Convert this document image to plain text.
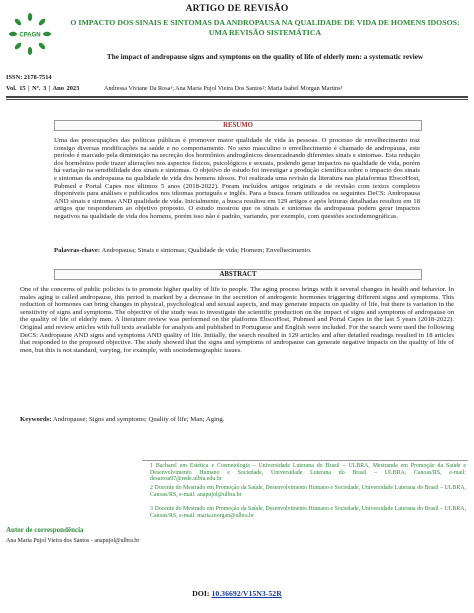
CPAGN
ARTIGO DE REVISÃO
O IMPACTO DOS SINAIS E SINTOMAS DA ANDROPAUSA NA QUALIDADE DE VIDA DE HOMENS IDOSOS: UMA REVISÃO SISTEMÁTICA
The impact of andropause signs and symptoms on the quality of life of elderly men: a systematic review
ISSN: 2178-7514
Vol. 15 | Nº. 3 | Ano 2023	Andressa Viviane Da Rosa¹; Ana Maria Pujol Vieira Dos Santos²; Maria Isabel Morgan Martins³
RESUMO
Uma das preocupações das políticas públicas é promover maior qualidade de vida às pessoas. O processo de envelhecimento traz consigo diversas modificações na saúde e no comportamento. No sexo masculino o envelhecimento é chamado de andropausa, este período é marcado pela diminuição na secreção dos hormônios androgênicos desencadeando diferentes sinais e sintomas. Esta redução dos hormônios pode trazer alterações nos aspectos físicos, psicológicos e sexuais, podendo gerar impactos na qualidade de vida, porém há variação na sensibilidade dos sinais e sintomas. O objetivo do estudo foi investigar a produção científica sobre o impacto dos sinais e sintomas da andropausa na qualidade de vida dos homens idosos. Foi realizada uma revisão da literatura nas plataformas EbscoHost, Pubmed e Portal Capes nos últimos 5 anos (2018-2022). Foram incluídos artigos originais e de revisão com textos completos disponíveis para análises e publicados nos idiomas português e inglês. Para a busca foram utilizados os seguintes DeCS: Andropausa AND sinais e sintomas AND qualidade de vida. Inicialmente, a busca resultou em 129 artigos e após leituras detalhadas resultou em 18 artigos que responderam ao objetivo proposto. O estudo mostrou que os sinais e sintomas da andropausa podem gerar impactos negativos na qualidade de vida dos homens, porém isso não é padrão, variando, por exemplo, com questões sociodemográficas.
Palavras-chave: Andropausa; Sinais e sintomas; Qualidade de vida; Homem; Envelhecimento.
ABSTRACT
One of the concerns of public policies is to promote higher quality of life to people. The aging process brings with it several changes in health and behavior. In males aging is called andropause, this period is marked by a decrease in the secretion of androgenic hormones triggering different signs and symptoms. This reduction of hormones can bring changes in physical, psychological and sexual aspects, and may generate impacts on quality of life, but there is variation in the sensitivity of signs and symptoms. The objective of the study was to investigate the scientific production on the impact of signs and symptoms of andropause on the quality of life of elderly men. A literature review was performed on the platforms EbscoHost, Pubmed and Portal Capes in the last 5 years (2018-2022). Original and review articles with full texts available for analysis and published in Portuguese and English were included. For the search were used the following DeCS: Andropause AND signs and symptoms AND quality of life. Initially, the search resulted in 129 articles and after detailed readings resulted in 18 articles that responded to the proposed objective. The study showed that the signs and symptoms of andropause can generate negative impacts on the quality of life of men, but this is not standard, varying, for example, with sociodemographic issues.
Keywords: Andropause; Signs and symptoms; Quality of life; Man; Aging.
1 Bacharel em Estética e Cosmetologia – Universidade Luterana do Brasil – ULBRA, Mestranda em Promoção da Saúde e Desenvolvimento Humano e Sociedade, Universidade Luterana do Brasil – ULBRA, Canoas/RS, e-mail: desarosa97@rede.ulbra.edu.br
2 Docente do Mestrado em Promoção da Saúde, Desenvolvimento Humano e Sociedade, Universidade Luterana do Brasil – ULBRA, Canoas/RS, e-mail: anapujol@ulbra.br
3 Docente do Mestrado em Promoção da Saúde, Desenvolvimento Humano e Sociedade, Universidade Luterana do Brasil – ULBRA, Canoas/RS, e-mail: maria.morgan@ulbra.br
Autor de correspondência
Ana Maria Pujol Vieira dos Santos - anapujol@ulbra.br
DOI: 10.36692/V15N3-52R
